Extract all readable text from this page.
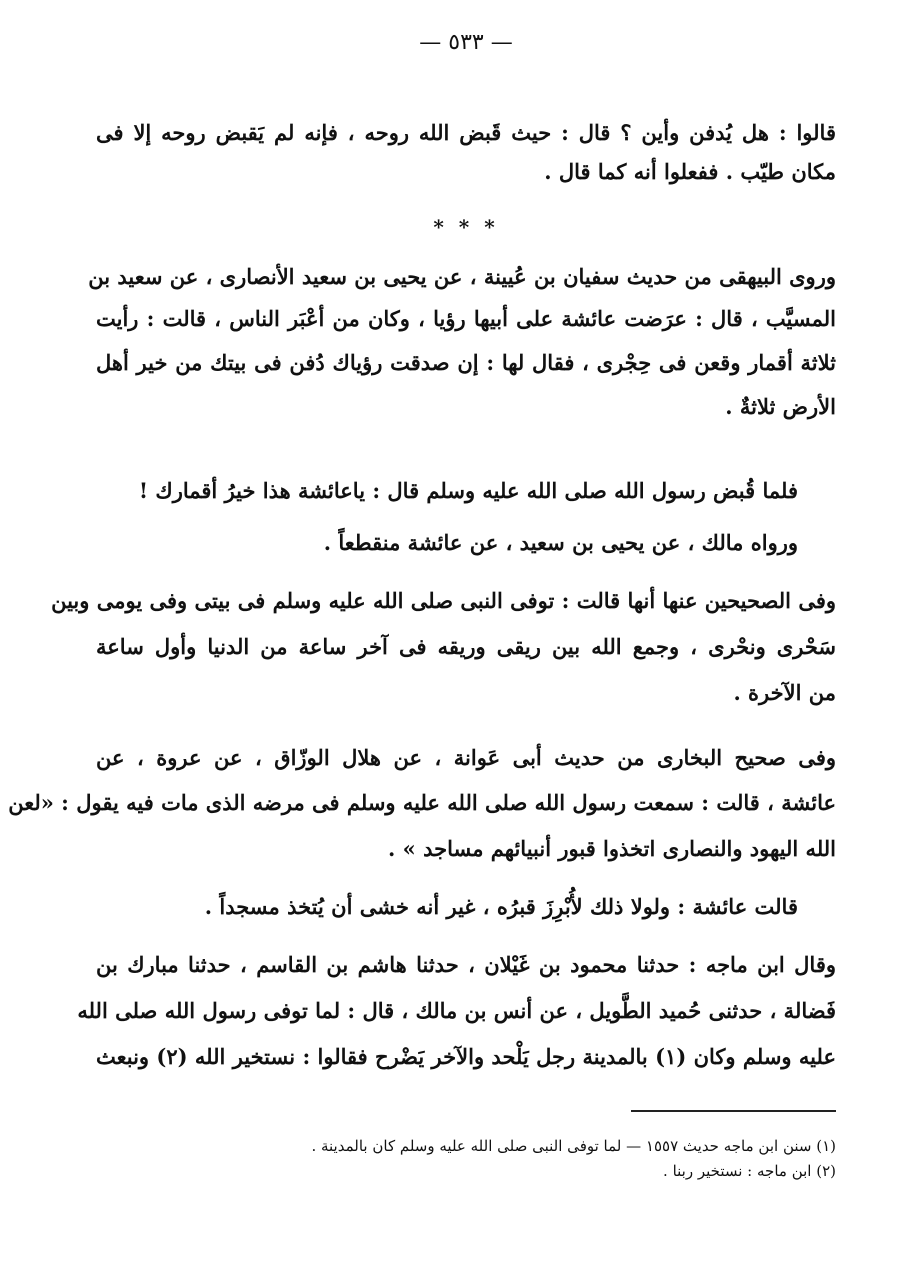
— ٥٣٣ —
قالوا : هل يُدفن وأين ؟ قال : حيث قَبض الله روحه ، فإنه لم يَقبض روحه إلا فى
مكان طيّب . ففعلوا أنه كما قال .
* * *
وروى البيهقى من حديث سفيان بن عُيينة ، عن يحيى بن سعيد الأنصارى ، عن سعيد بن
المسيَّب ، قال : عرَضت عائشة على أبيها رؤيا ، وكان من أعْبَر الناس ، قالت : رأيت
ثلاثة أقمار وقعن فى حِجْرى ، فقال لها : إن صدقت رؤياك دُفن فى بيتك من خير أهل
الأرض ثلاثةٌ .
فلما قُبض رسول الله صلى الله عليه وسلم قال : ياعائشة هذا خيرُ أقمارك !
ورواه مالك ، عن يحيى بن سعيد ، عن عائشة منقطعاً .
وفى الصحيحين عنها أنها قالت : توفى النبى صلى الله عليه وسلم فى بيتى وفى يومى وبين
سَحْرى ونحْرى ، وجمع الله بين ريقى وريقه فى آخر ساعة من الدنيا وأول ساعة
من الآخرة .
وفى صحيح البخارى من حديث أبى عَوانة ، عن هلال الوزّاق ، عن عروة ، عن
عائشة ، قالت : سمعت رسول الله صلى الله عليه وسلم فى مرضه الذى مات فيه يقول : «لعن
الله اليهود والنصارى اتخذوا قبور أنبيائهم مساجد » .
قالت عائشة : ولولا ذلك لأُبْرِزَ قبرُه ، غير أنه خشى أن يُتخذ مسجداً .
وقال ابن ماجه : حدثنا محمود بن غَيْلان ، حدثنا هاشم بن القاسم ، حدثنا مبارك بن
فَضالة ، حدثنى حُميد الطَّويل ، عن أنس بن مالك ، قال : لما توفى رسول الله صلى الله
عليه وسلم وكان (١) بالمدينة رجل يَلْحد والآخر يَضْرح فقالوا : نستخير الله (٢) ونبعث
(١) سنن ابن ماجه حديث ١٥٥٧ — لما توفى النبى صلى الله عليه وسلم كان بالمدينة .
(٢) ابن ماجه : نستخير ربنا .
